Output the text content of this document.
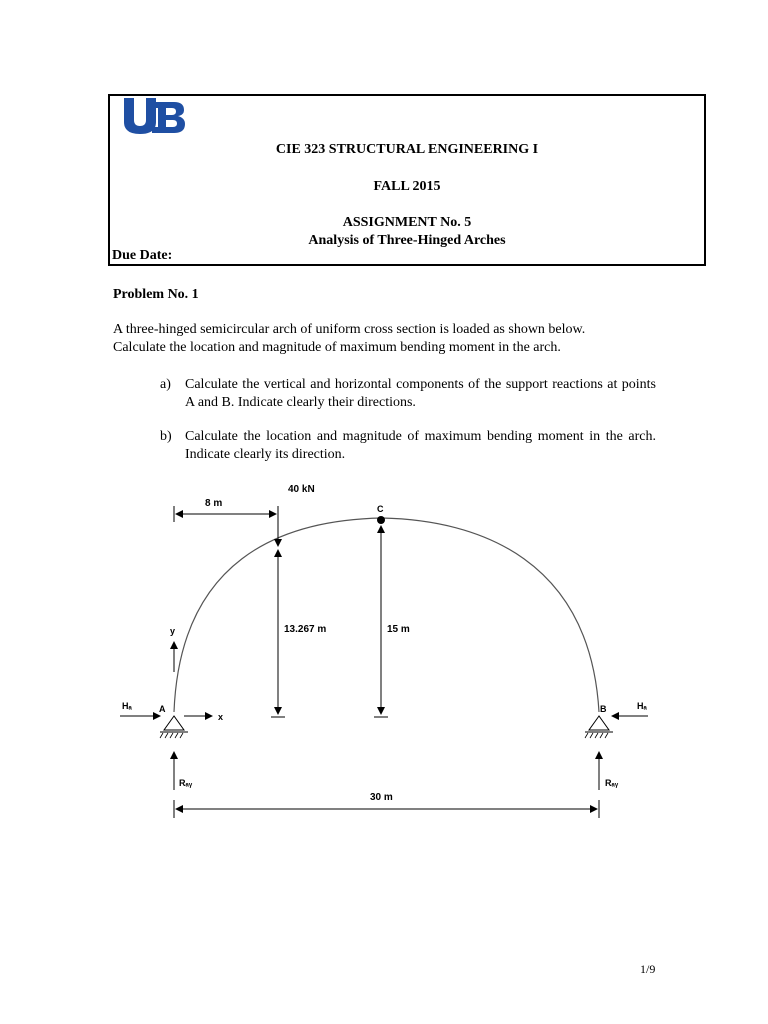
CIE 323 STRUCTURAL ENGINEERING I
FALL 2015
ASSIGNMENT No. 5
Analysis of Three-Hinged Arches
Due Date:
Problem No. 1
A three-hinged semicircular arch of uniform cross section is loaded as shown below.
Calculate the location and magnitude of maximum bending moment in the arch.
a) Calculate the vertical and horizontal components of the support reactions at points A and B. Indicate clearly their directions.
b) Calculate the location and magnitude of maximum bending moment in the arch. Indicate clearly its direction.
C
40 kN
8 m
13.267 m	15 m
A	B
Hₐ	Hₐ
x
y
Rₐᵧ	Rₐᵧ
30 m
1/9
